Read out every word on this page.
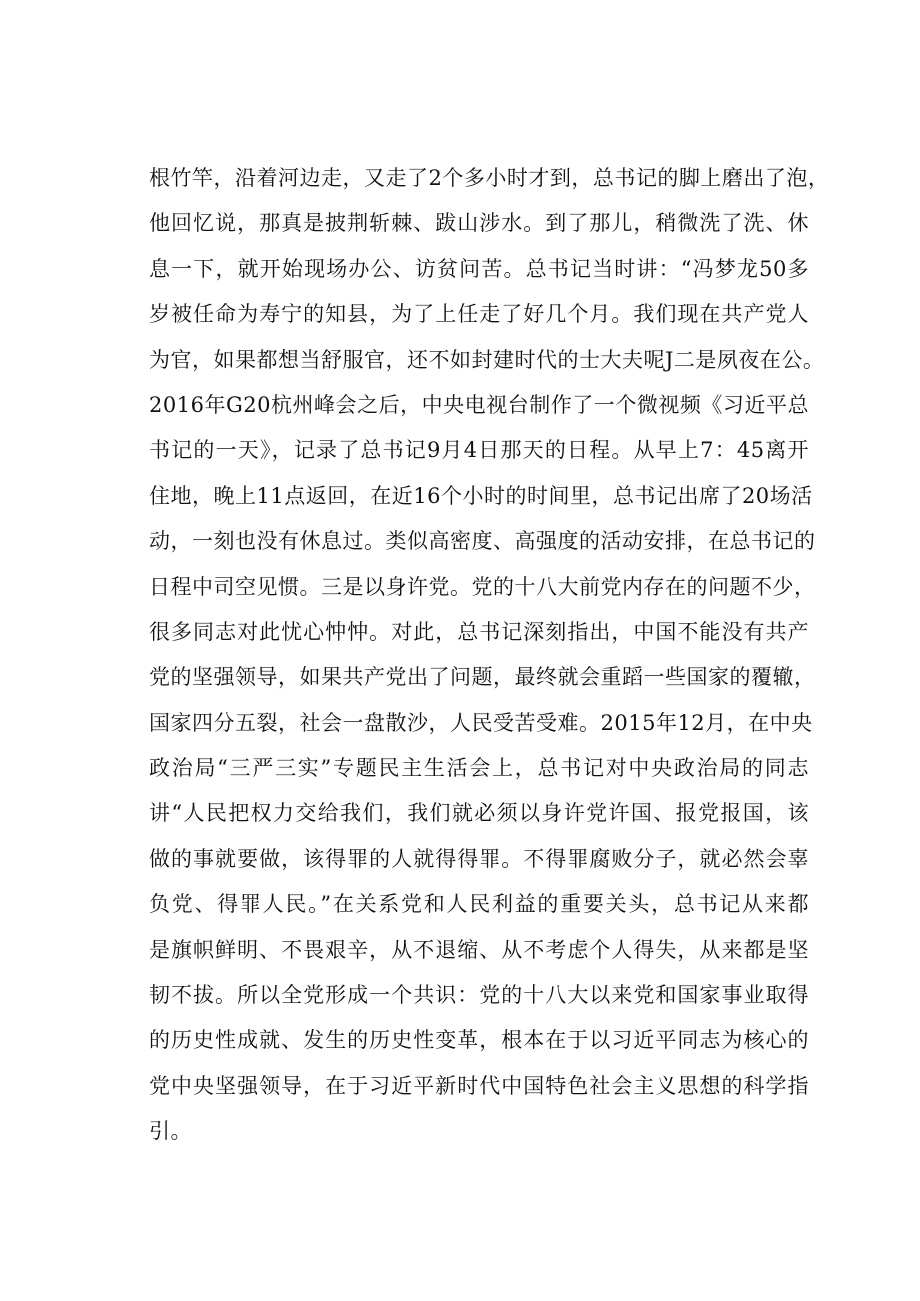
根竹竿，沿着河边走，又走了2个多小时才到，总书记的脚上磨出了泡，
他回忆说，那真是披荆斩棘、跋山涉水。到了那儿，稍微洗了洗、休
息一下，就开始现场办公、访贫问苦。总书记当时讲：“冯梦龙50多
岁被任命为寿宁的知县，为了上任走了好几个月。我们现在共产党人
为官，如果都想当舒服官，还不如封建时代的士大夫呢J二是夙夜在公。
2016年G20杭州峰会之后，中央电视台制作了一个微视频《习近平总
书记的一天》，记录了总书记9月4日那天的日程。从早上7：45离开
住地，晚上11点返回，在近16个小时的时间里，总书记出席了20场活
动，一刻也没有休息过。类似高密度、高强度的活动安排，在总书记的
日程中司空见惯。三是以身许党。党的十八大前党内存在的问题不少，
很多同志对此忧心忡忡。对此，总书记深刻指出，中国不能没有共产
党的坚强领导，如果共产党出了问题，最终就会重蹈一些国家的覆辙，
国家四分五裂，社会一盘散沙，人民受苦受难。2015年12月，在中央
政治局“三严三实”专题民主生活会上，总书记对中央政治局的同志
讲“人民把权力交给我们，我们就必须以身许党许国、报党报国，该
做的事就要做，该得罪的人就得得罪。不得罪腐败分子，就必然会辜
负党、得罪人民。”在关系党和人民利益的重要关头，总书记从来都
是旗帜鲜明、不畏艰辛，从不退缩、从不考虑个人得失，从来都是坚
韧不拔。所以全党形成一个共识：党的十八大以来党和国家事业取得
的历史性成就、发生的历史性变革，根本在于以习近平同志为核心的
党中央坚强领导，在于习近平新时代中国特色社会主义思想的科学指
引。
